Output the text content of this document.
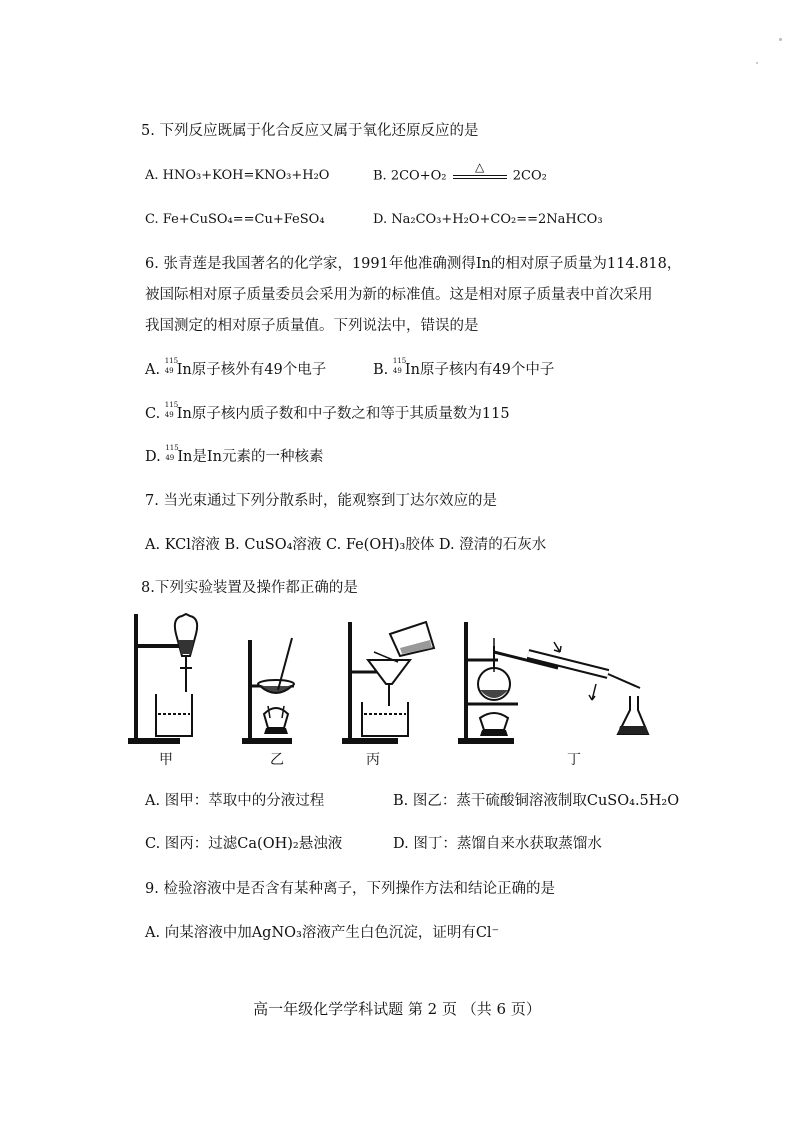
5. 下列反应既属于化合反应又属于氧化还原反应的是
A. HNO₃+KOH=KNO₃+H₂O	B. 2CO+O₂
△
2CO₂
C. Fe+CuSO₄==Cu+FeSO₄	D. Na₂CO₃+H₂O+CO₂==2NaHCO₃
6. 张青莲是我国著名的化学家，1991年他准确测得In的相对原子质量为114.818，
被国际相对原子质量委员会采用为新的标准值。这是相对原子质量表中首次采用
我国测定的相对原子质量值。下列说法中，错误的是
A.
115
49 In原子核外有49个电子	B.
115
49 In原子核内有49个中子
C.
115
49 In原子核内质子数和中子数之和等于其质量数为115
D.
115
49 In是In元素的一种核素
7. 当光束通过下列分散系时，能观察到丁达尔效应的是
A. KCl溶液 B. CuSO₄溶液 C. Fe(OH)₃胶体 D. 澄清的石灰水
8.下列实验装置及操作都正确的是
甲	乙	丙	丁
A. 图甲：萃取中的分液过程	B. 图乙：蒸干硫酸铜溶液制取CuSO₄.5H₂O
C. 图丙：过滤Ca(OH)₂悬浊液	D. 图丁：蒸馏自来水获取蒸馏水
9. 检验溶液中是否含有某种离子，下列操作方法和结论正确的是
A. 向某溶液中加AgNO₃溶液产生白色沉淀，证明有Cl⁻
高一年级化学学科试题 第 2 页 （共 6 页）
